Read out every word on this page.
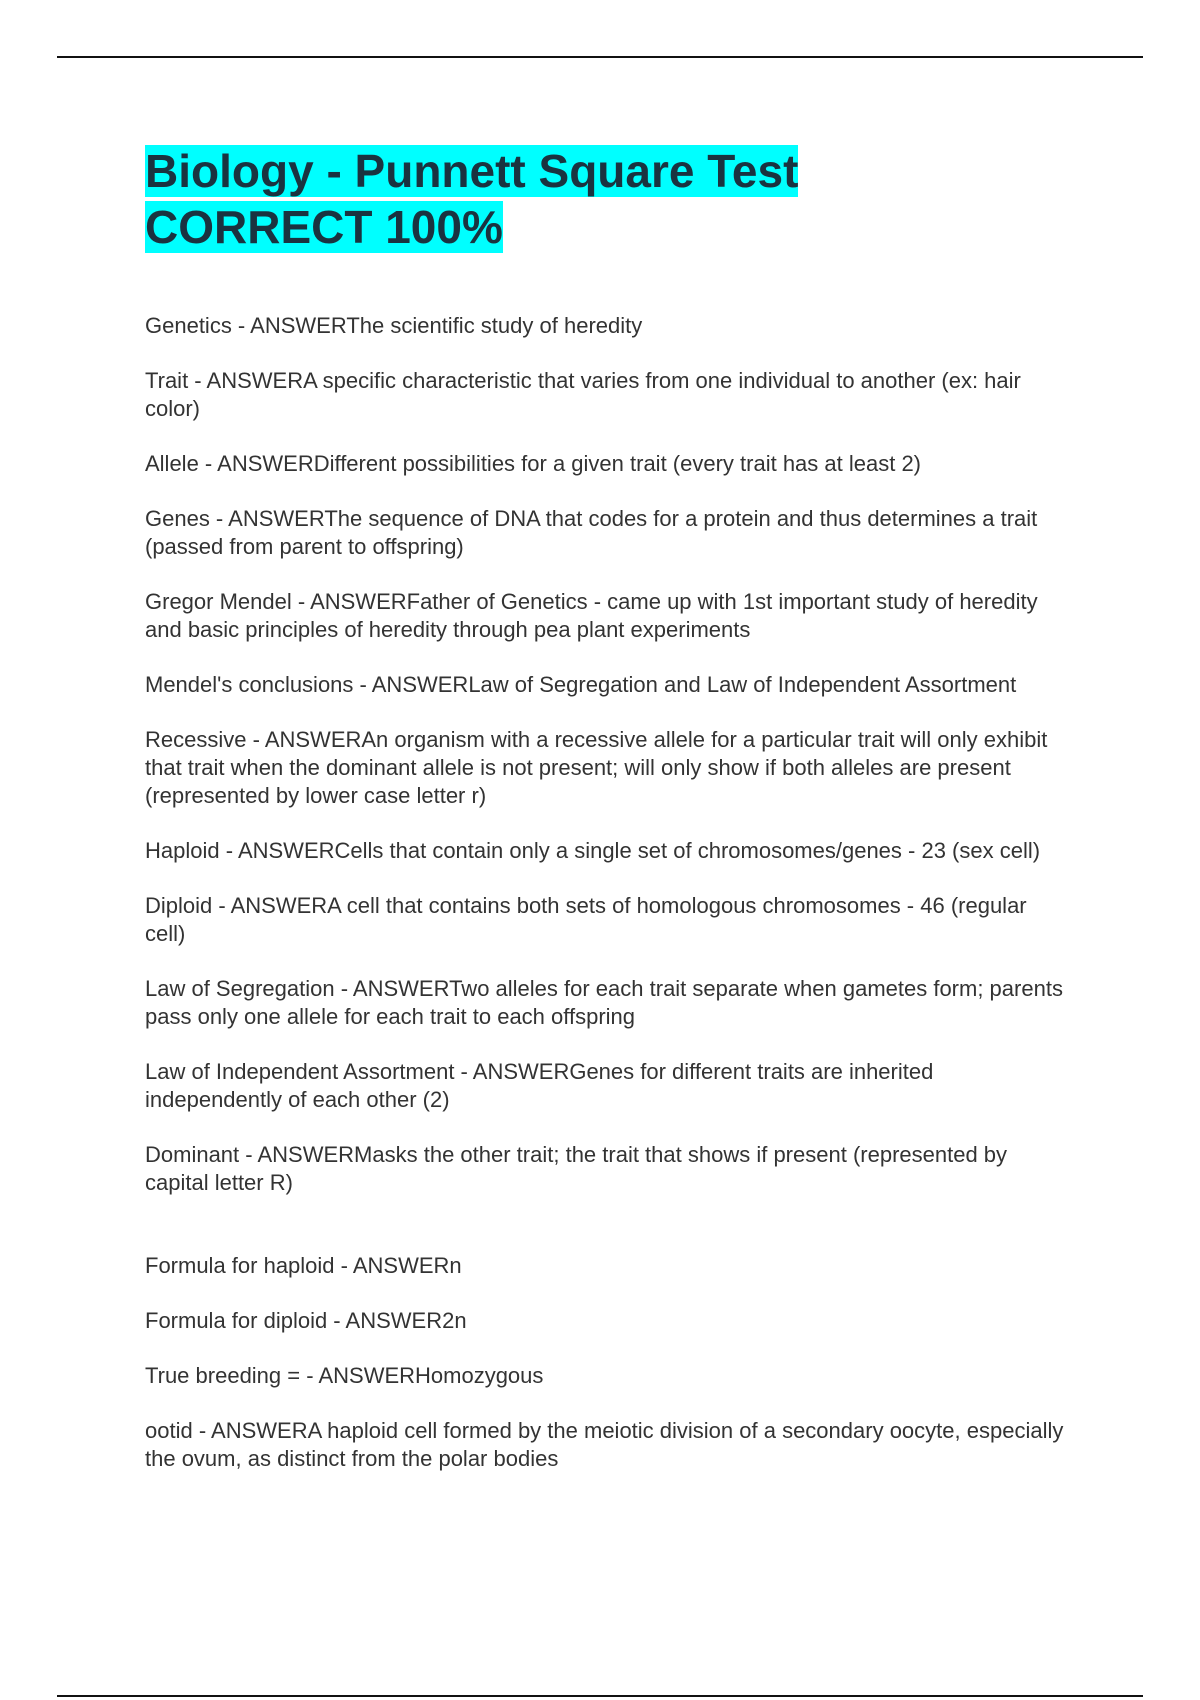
Biology - Punnett Square Test
CORRECT 100%

Genetics - ANSWERThe scientific study of heredity

Trait - ANSWERA specific characteristic that varies from one individual to another (ex: hair color)

Allele - ANSWERDifferent possibilities for a given trait (every trait has at least 2)

Genes - ANSWERThe sequence of DNA that codes for a protein and thus determines a trait (passed from parent to offspring)

Gregor Mendel - ANSWERFather of Genetics - came up with 1st important study of heredity and basic principles of heredity through pea plant experiments

Mendel's conclusions - ANSWERLaw of Segregation and Law of Independent Assortment

Recessive - ANSWERAn organism with a recessive allele for a particular trait will only exhibit that trait when the dominant allele is not present; will only show if both alleles are present (represented by lower case letter r)

Haploid - ANSWERCells that contain only a single set of chromosomes/genes - 23 (sex cell)

Diploid - ANSWERA cell that contains both sets of homologous chromosomes - 46 (regular cell)

Law of Segregation - ANSWERTwo alleles for each trait separate when gametes form; parents pass only one allele for each trait to each offspring

Law of Independent Assortment - ANSWERGenes for different traits are inherited independently of each other (2)

Dominant - ANSWERMasks the other trait; the trait that shows if present (represented by capital letter R)

Formula for haploid - ANSWERn

Formula for diploid - ANSWER2n

True breeding = - ANSWERHomozygous

ootid - ANSWERA haploid cell formed by the meiotic division of a secondary oocyte, especially the ovum, as distinct from the polar bodies
